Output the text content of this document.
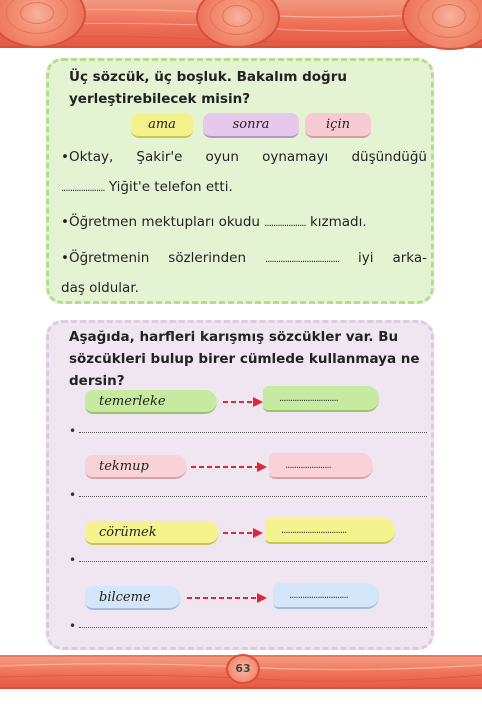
Üç sözcük, üç boşluk. Bakalım doğru yerleştirebilecek misin?
ama	sonra	için
•Oktay, Şakir'e oyun oynamayı düşündüğü
.................... Yiğit'e telefon etti.
•Öğretmen mektupları okudu ................... kızmadı.
•Öğretmenin sözlerinden .................................. iyi arka-
daş oldular.
Aşağıda, harfleri karışmış sözcükler var. Bu sözcükleri bulup birer cümlede kullanmaya ne dersin?
temerleke	...........................
•
tekmup	.....................
•
cörümek	..............................
•
bilceme	...........................
•
63
